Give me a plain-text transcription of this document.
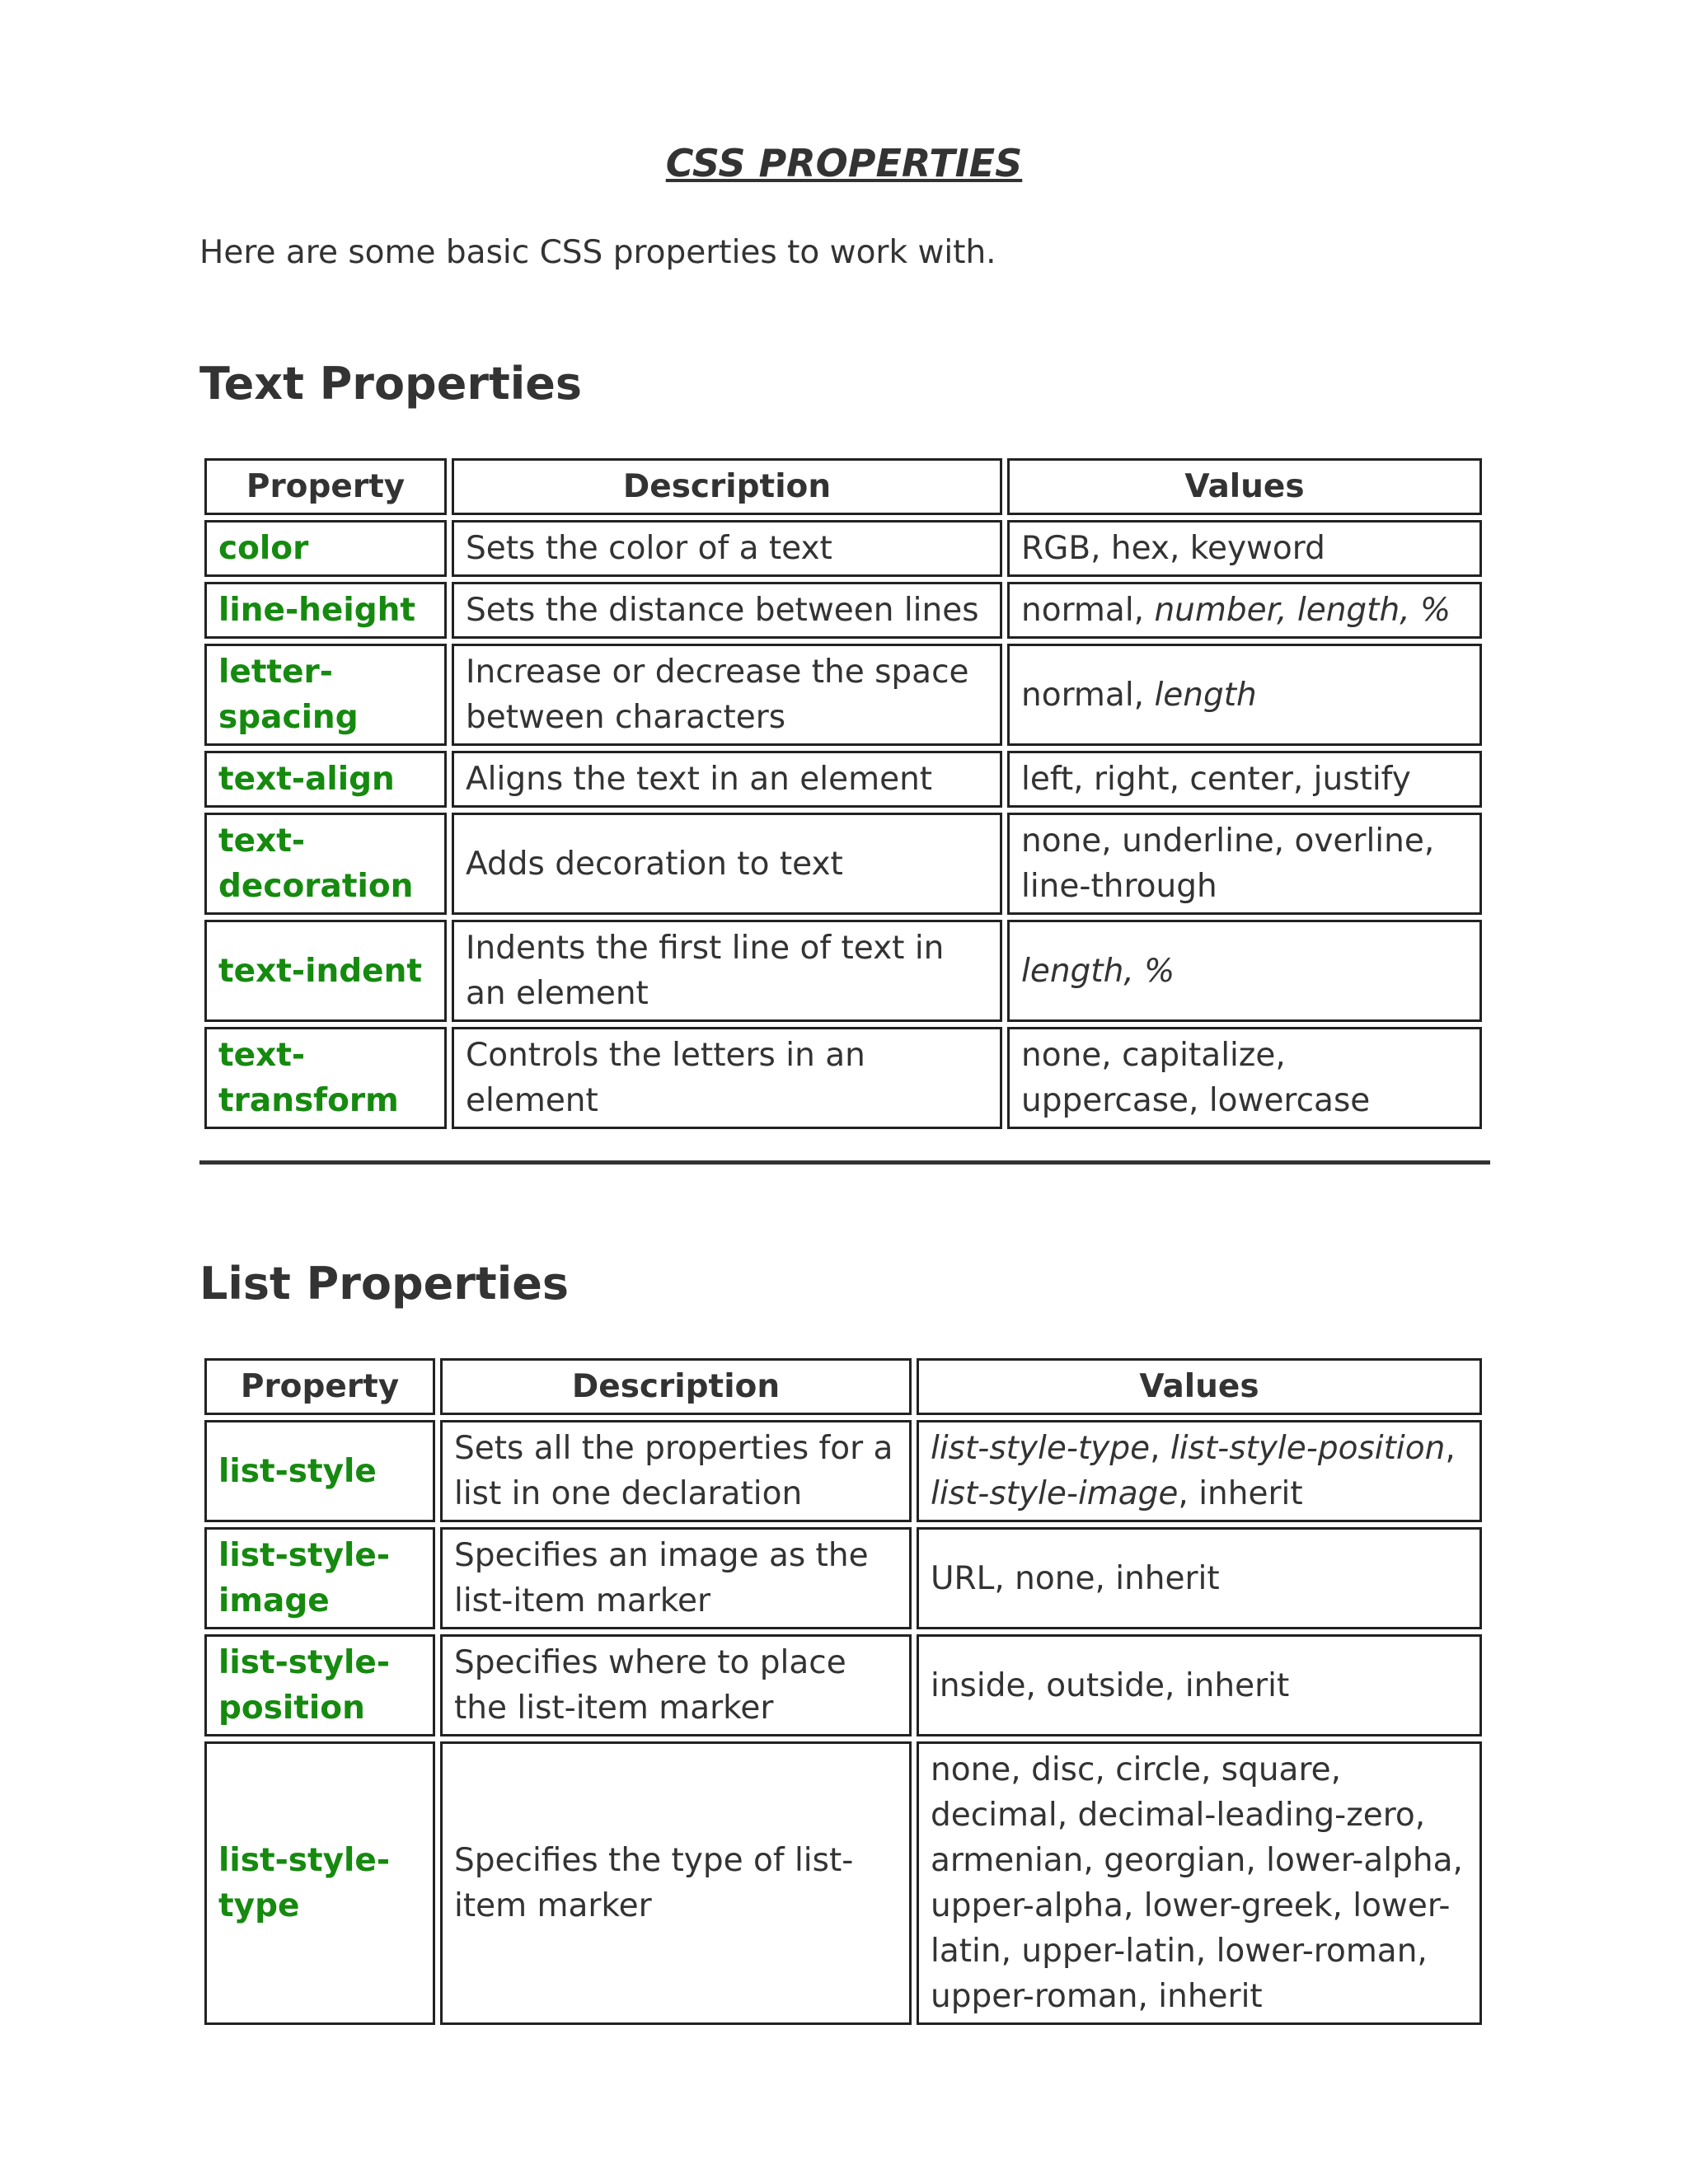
CSS PROPERTIES
Here are some basic CSS properties to work with.
Text Properties
Property	Description	Values
color	Sets the color of a text	RGB, hex, keyword
line-height	Sets the distance between lines	normal, number, length, %
letter-spacing	Increase or decrease the space between characters	normal, length
text-align	Aligns the text in an element	left, right, center, justify
text-decoration	Adds decoration to text	none, underline, overline, line-through
text-indent	Indents the first line of text in an element	length, %
text-transform	Controls the letters in an element	none, capitalize, uppercase, lowercase
List Properties
Property	Description	Values
list-style	Sets all the properties for a list in one declaration	list-style-type, list-style-position, list-style-image, inherit
list-style-image	Specifies an image as the list-item marker	URL, none, inherit
list-style-position	Specifies where to place the list-item marker	inside, outside, inherit
list-style-type	Specifies the type of list-item marker	none, disc, circle, square, decimal, decimal-leading-zero, armenian, georgian, lower-alpha, upper-alpha, lower-greek, lower-latin, upper-latin, lower-roman, upper-roman, inherit
